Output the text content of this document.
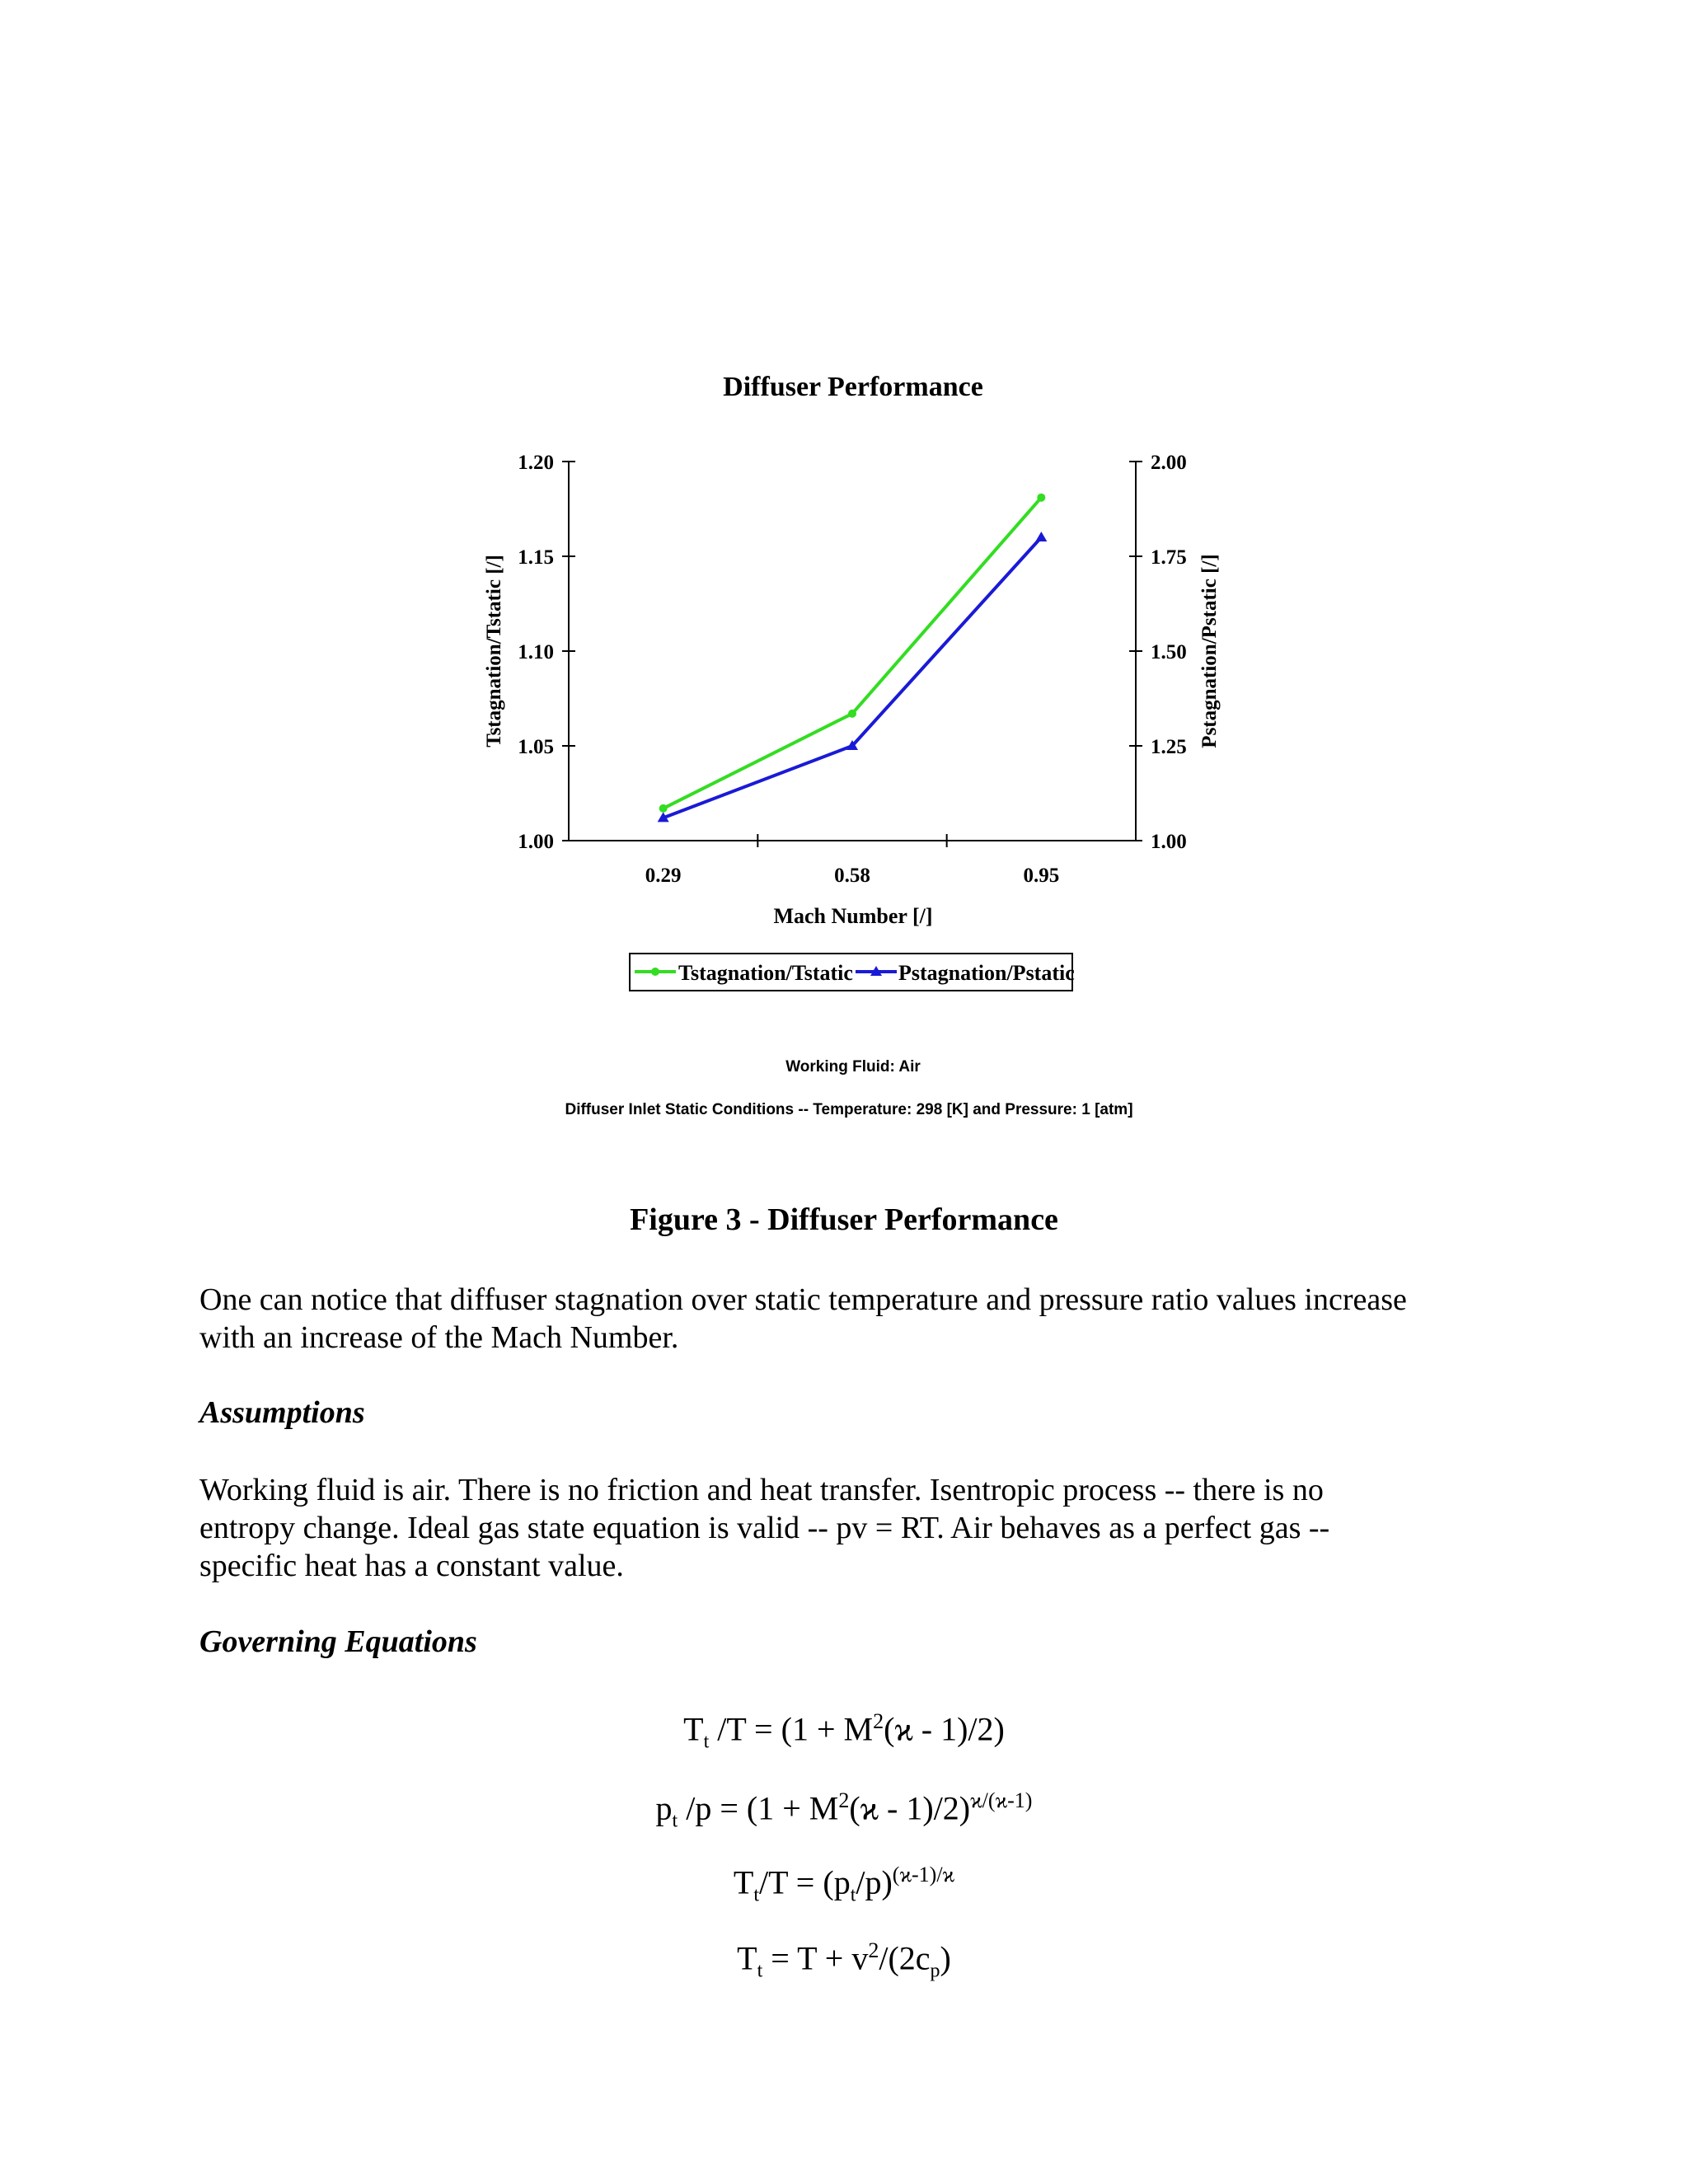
Diffuser Performance
1.00
1.05
1.10
1.15
1.20
1.00
1.25
1.50
1.75
2.00
0.29	0.58	0.95
Mach Number [/]
Tstagnation/Tstatic [/]	Pstagnation/Pstatic [/]
Tstagnation/Tstatic Pstagnation/Pstatic
Working Fluid: Air
Diffuser Inlet Static Conditions -- Temperature: 298 [K] and Pressure: 1 [atm]
Figure 3 - Diffuser Performance

One can notice that diffuser stagnation over static temperature and pressure ratio values increase
with an increase of the Mach Number.

Assumptions

Working fluid is air. There is no friction and heat transfer. Isentropic process -- there is no
entropy change. Ideal gas state equation is valid -- pv = RT. Air behaves as a perfect gas --
specific heat has a constant value.

Governing Equations

$T_t$ $/T = (1 + M^2(ϰ - 1)/2)$
$p_t$ $/p = (1 + M^2(ϰ - 1)/2)^{ϰ/(ϰ-1)}$
$T_t/T = (p_t/p)^{(ϰ-1)/ϰ}$
$T_t = T + v^2/(2c_p)$
